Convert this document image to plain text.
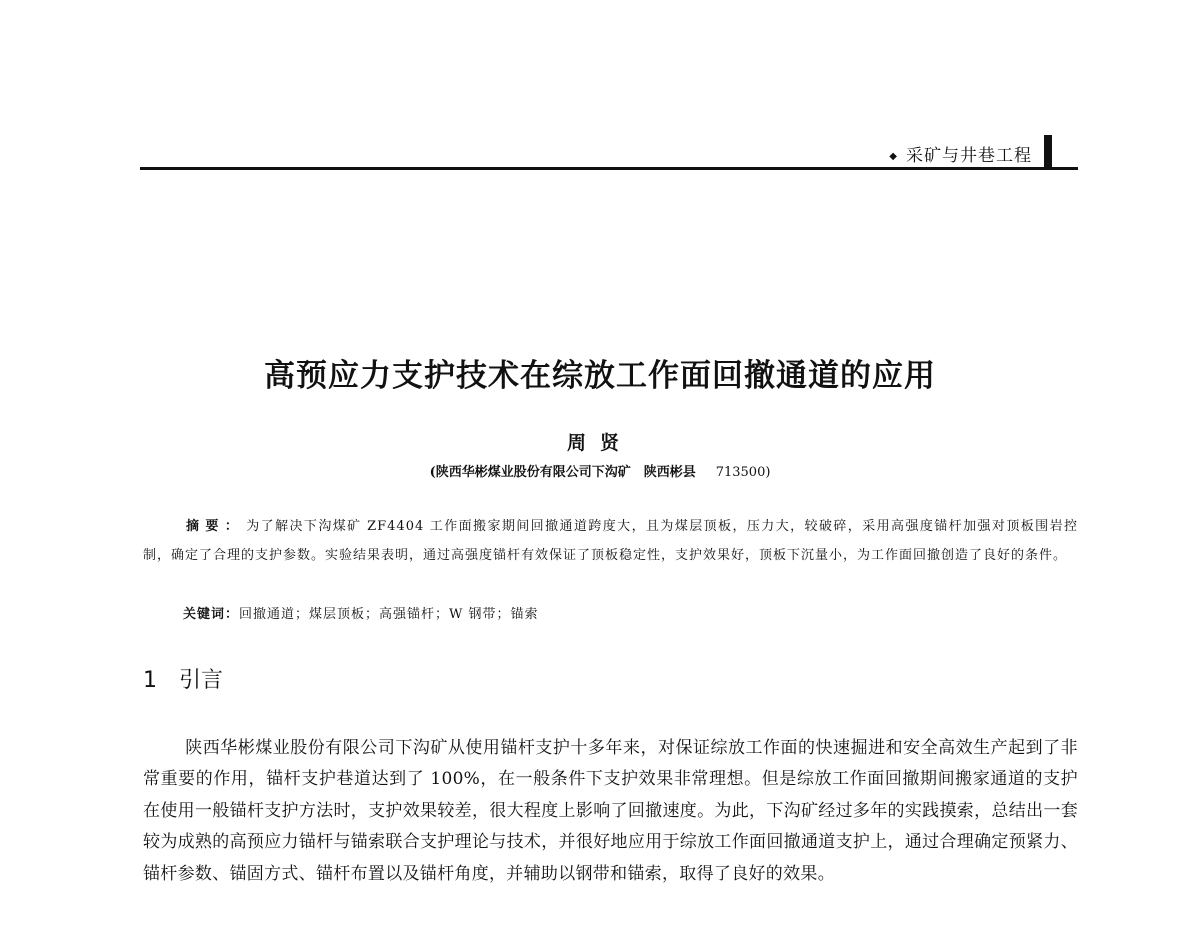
◆ 采矿与井巷工程
高预应力支护技术在综放工作面回撤通道的应用
周贤
(陕西华彬煤业股份有限公司下沟矿　陕西彬县 713500)
摘要： 为了解决下沟煤矿 ZF4404 工作面搬家期间回撤通道跨度大，且为煤层顶板，压力大，较破碎，采用高强度锚杆加强对顶板围岩控制，确定了合理的支护参数。实验结果表明，通过高强度锚杆有效保证了顶板稳定性，支护效果好，顶板下沉量小，为工作面回撤创造了良好的条件。
关键词：回撤通道；煤层顶板；高强锚杆；W 钢带；锚索
1 引言
陕西华彬煤业股份有限公司下沟矿从使用锚杆支护十多年来，对保证综放工作面的快速掘进和安全高效生产起到了非常重要的作用，锚杆支护巷道达到了 100%，在一般条件下支护效果非常理想。但是综放工作面回撤期间搬家通道的支护在使用一般锚杆支护方法时，支护效果较差，很大程度上影响了回撤速度。为此，下沟矿经过多年的实践摸索，总结出一套较为成熟的高预应力锚杆与锚索联合支护理论与技术，并很好地应用于综放工作面回撤通道支护上，通过合理确定预紧力、锚杆参数、锚固方式、锚杆布置以及锚杆角度，并辅助以钢带和锚索，取得了良好的效果。
